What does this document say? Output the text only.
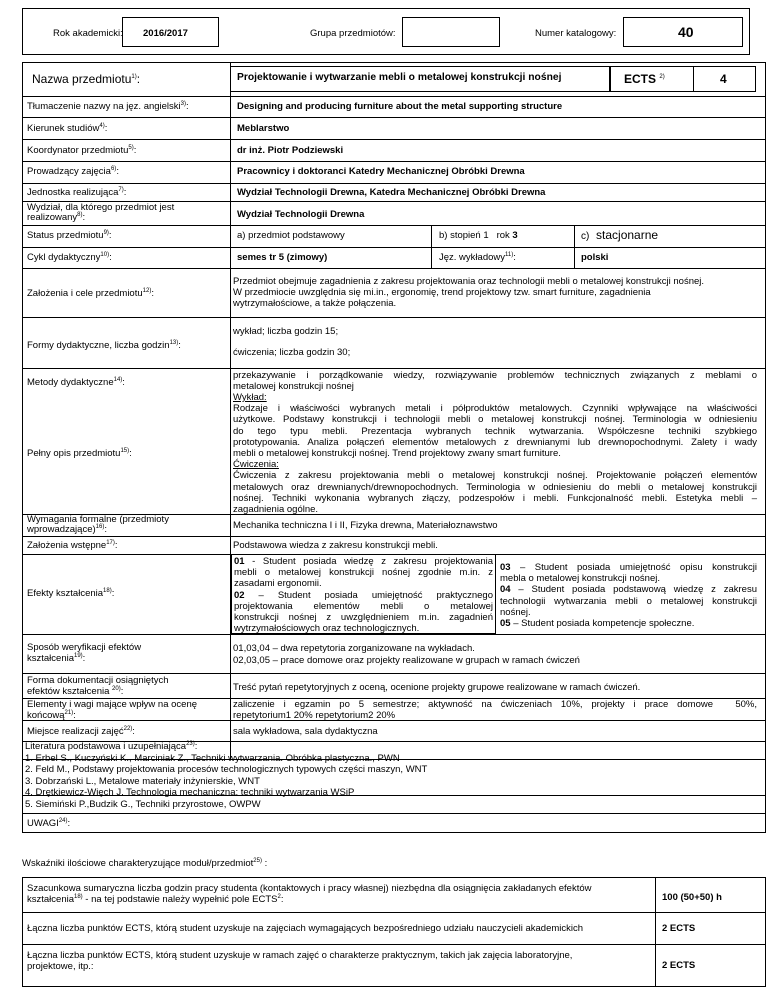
Rok akademicki: 2016/2017	Grupa przedmiotów:	Numer katalogowy:	40
Nazwa przedmiotu$^{1)}$:	Projektowanie i wytwarzanie mebli o metalowej konstrukcji nośnej	ECTS $^{2)}$	4
Tłumaczenie nazwy na jęz. angielski$^{3)}$:	Designing and producing furniture about the metal supporting structure
Kierunek studiów$^{4)}$:	Meblarstwo
Koordynator przedmiotu$^{5)}$:	dr inż. Piotr Podziewski
Prowadzący zajęcia$^{6)}$:	Pracownicy i doktoranci Katedry Mechanicznej Obróbki Drewna
Jednostka realizująca$^{7)}$:	Wydział Technologii Drewna, Katedra Mechanicznej Obróbki Drewna
Wydział, dla którego przedmiot jest
realizowany$^{8)}$:	Wydział Technologii Drewna
Status przedmiotu$^{9)}$:	a) przedmiot podstawowy	b) stopień 1 rok 3	c) stacjonarne
Cykl dydaktyczny$^{10)}$:	semes tr 5 (zimowy)	Jęz. wykładowy$^{11)}$:	polski
Założenia i cele przedmiotu$^{12)}$:
Przedmiot obejmuje zagadnienia z zakresu projektowania oraz technologii mebli o metalowej konstrukcji nośnej.
W przedmiocie uwzględnia się mi.in., ergonomię, trend projektowy tzw. smart furniture, zagadnienia
wytrzymałościowe, a także połączenia.
Formy dydaktyczne, liczba godzin$^{13)}$:
wykład; liczba godzin 15;
ćwiczenia; liczba godzin 30;
Metody dydaktyczne$^{14)}$:
przekazywanie i porządkowanie wiedzy, rozwiązywanie problemów technicznych związanych z meblami o
metalowej konstrukcji nośnej
Pełny opis przedmiotu$^{15)}$:
Wykład:
Rodzaje i właściwości wybranych metali i półproduktów metalowych. Czynniki wpływające na właściwości
użytkowe. Podstawy konstrukcji i technologii mebli o metalowej konstrukcji nośnej. Terminologia w odniesieniu
do tego typu mebli. Prezentacja wybranych technik wytwarzania. Współczesne techniki szybkiego
prototypowania. Analiza połączeń elementów metalowych z drewnianymi lub drewnopochodnymi. Zalety i wady
mebli o metalowej konstrukcji nośnej. Trend projektowy zwany smart furniture.
Ćwiczenia:
Ćwiczenia z zakresu projektowania mebli o metalowej konstrukcji nośnej. Projektowanie połączeń elementów
metalowych oraz drewnianych/drewnopochodnych. Terminologia w odniesieniu do mebli o metalowej konstrukcji
nośnej. Techniki wykonania wybranych złączy, podzespołów i mebli. Funkcjonalność mebli. Estetyka mebli –
zagadnienia ogólne.
Wymagania formalne (przedmioty
wprowadzające)$^{16)}$:	Mechanika techniczna I i II, Fizyka drewna, Materiałoznawstwo
Założenia wstępne$^{17)}$:	Podstawowa wiedza z zakresu konstrukcji mebli.
Efekty kształcenia$^{18)}$:
01 - Student posiada wiedzę z zakresu projektowania
mebli o metalowej konstrukcji nośnej zgodnie m.in. z
zasadami ergonomii.
02 – Student posiada umiejętność praktycznego
projektowania elementów mebli o metalowej
konstrukcji nośnej z uwzględnieniem m.in. zagadnień
wytrzymałościowych oraz technologicznych.
03 – Student posiada umiejętność opisu konstrukcji
mebla o metalowej konstrukcji nośnej.
04 – Student posiada podstawową wiedzę z zakresu
technologii wytwarzania mebli o metalowej konstrukcji
nośnej.
05 – Student posiada kompetencje społeczne.
Sposób weryfikacji efektów
kształcenia$^{19)}$:
01,03,04 – dwa repetytoria zorganizowane na wykładach.
02,03,05 – prace domowe oraz projekty realizowane w grupach w ramach ćwiczeń
Forma dokumentacji osiągniętych
efektów kształcenia $^{20)}$:	Treść pytań repetytoryjnych z oceną, ocenione projekty grupowe realizowane w ramach ćwiczeń.
Elementy i wagi mające wpływ na ocenę
końcową$^{21)}$:
zaliczenie i egzamin po 5 semestrze; aktywność na ćwiczeniach 10%, projekty i prace domowe 50%,
repetytorium1 20% repetytorium2 20%
Miejsce realizacji zajęć$^{22)}$:	sala wykładowa, sala dydaktyczna
Literatura podstawowa i uzupełniająca$^{23)}$:
1. Erbel S., Kuczyński K., Marciniak Z., Techniki wytwarzania. Obróbka plastyczna., PWN
2. Feld M., Podstawy projektowania procesów technologicznych typowych części maszyn, WNT
3. Dobrzański L., Metalowe materiały inżynierskie, WNT
4. Drętkiewicz-Więch J. Technologia mechaniczna: techniki wytwarzania WSiP
5. Siemiński P.,Budzik G., Techniki przyrostowe, OWPW
UWAGI$^{24)}$:
Wskaźniki ilościowe charakteryzujące moduł/przedmiot$^{25)}$ :
Szacunkowa sumaryczna liczba godzin pracy studenta (kontaktowych i pracy własnej) niezbędna dla osiągnięcia zakładanych efektów
kształcenia$^{18)}$ - na tej podstawie należy wypełnić pole ECTS$^2$:	100 (50+50) h
Łączna liczba punktów ECTS, którą student uzyskuje na zajęciach wymagających bezpośredniego udziału nauczycieli akademickich	2 ECTS
Łączna liczba punktów ECTS, którą student uzyskuje w ramach zajęć o charakterze praktycznym, takich jak zajęcia laboratoryjne,
projektowe, itp.:	2 ECTS
